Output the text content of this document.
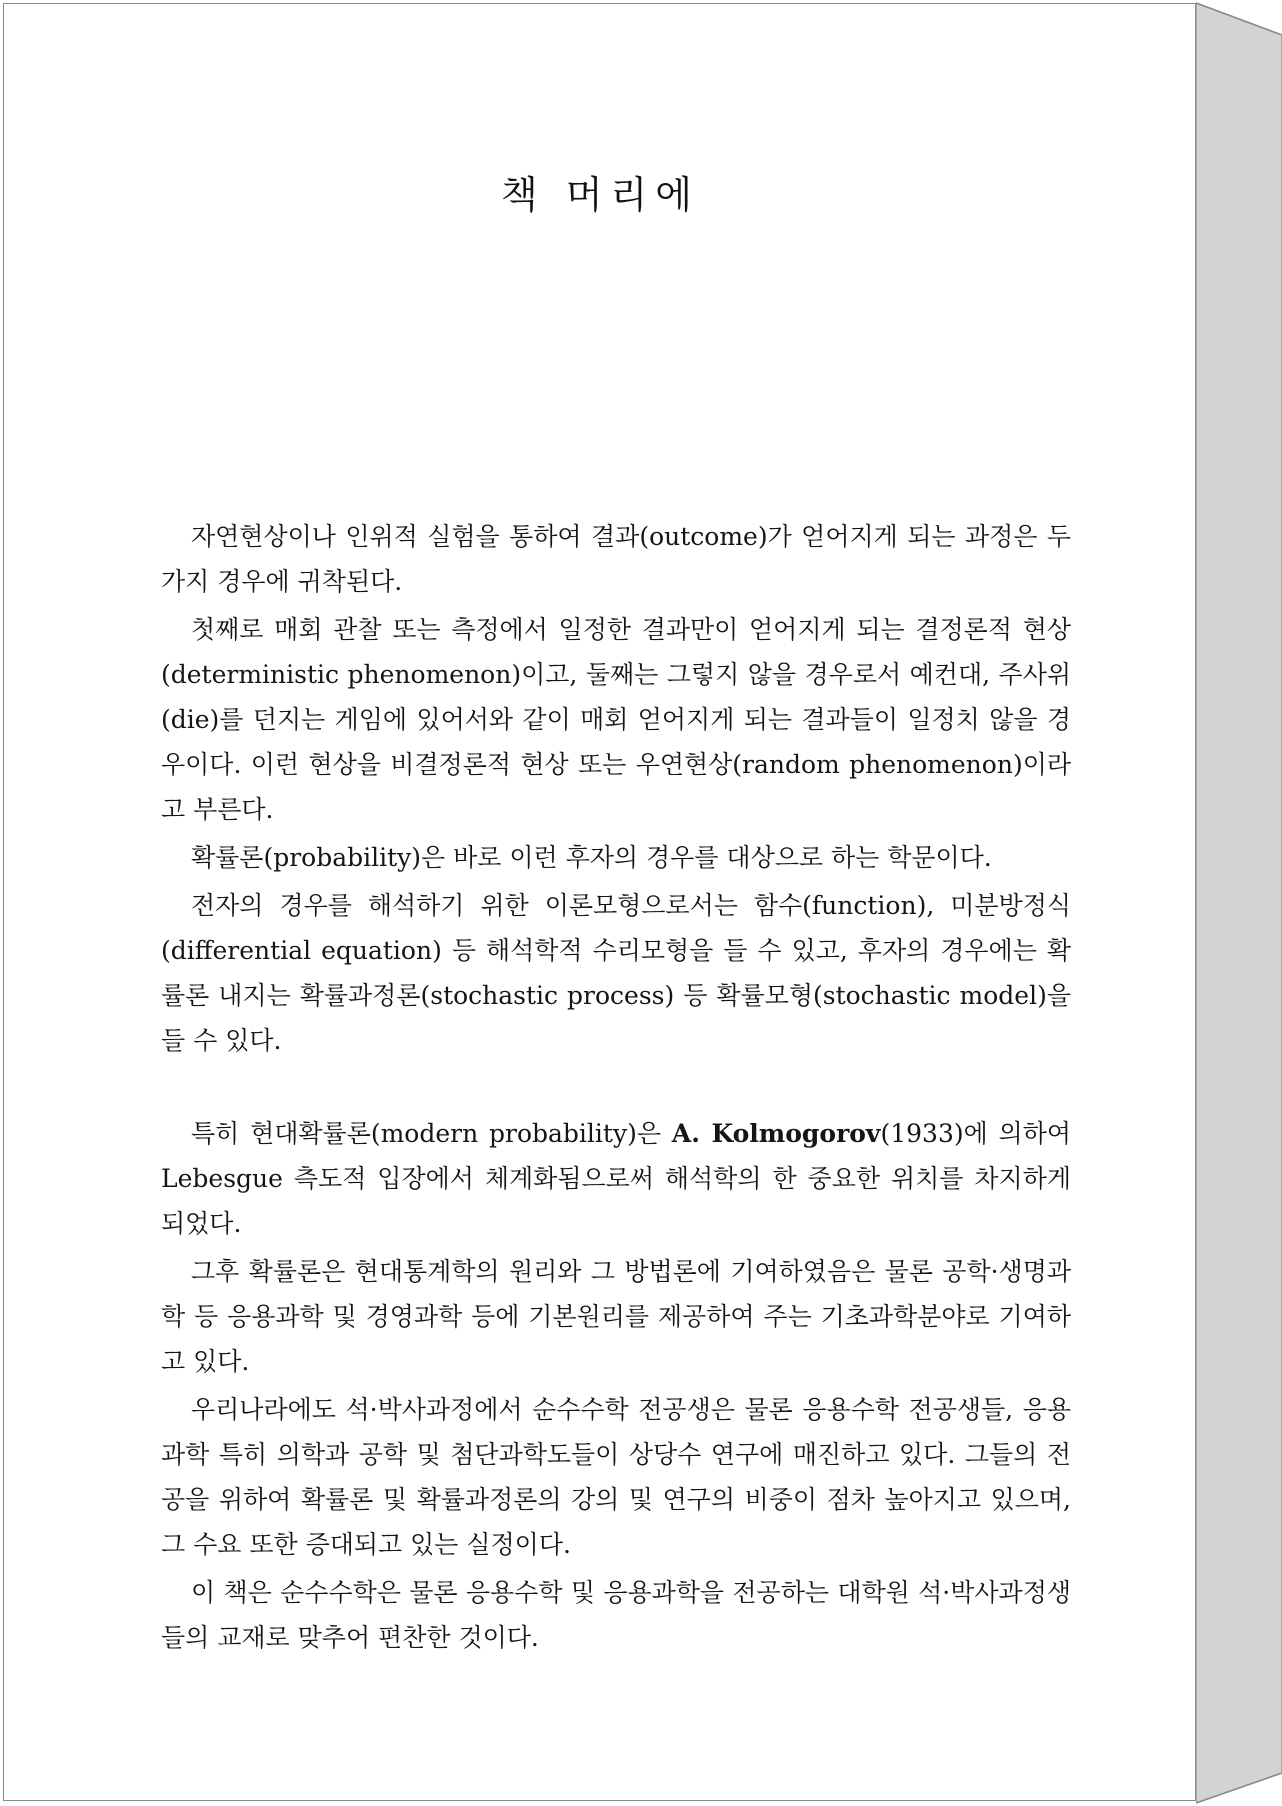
책 머리에

자연현상이나 인위적 실험을 통하여 결과(outcome)가 얻어지게 되는 과정은 두 가지 경우에 귀착된다.

첫째로 매회 관찰 또는 측정에서 일정한 결과만이 얻어지게 되는 결정론적 현상(deterministic phenomenon)이고, 둘째는 그렇지 않을 경우로서 예컨대, 주사위(die)를 던지는 게임에 있어서와 같이 매회 얻어지게 되는 결과들이 일정치 않을 경우이다. 이런 현상을 비결정론적 현상 또는 우연현상(random phenomenon)이라고 부른다.

확률론(probability)은 바로 이런 후자의 경우를 대상으로 하는 학문이다.

전자의 경우를 해석하기 위한 이론모형으로서는 함수(function), 미분방정식(differential equation) 등 해석학적 수리모형을 들 수 있고, 후자의 경우에는 확률론 내지는 확률과정론(stochastic process) 등 확률모형(stochastic model)을 들 수 있다.

특히 현대확률론(modern probability)은 A. Kolmogorov(1933)에 의하여 Lebesgue 측도적 입장에서 체계화됨으로써 해석학의 한 중요한 위치를 차지하게 되었다.

그후 확률론은 현대통계학의 원리와 그 방법론에 기여하였음은 물론 공학·생명과학 등 응용과학 및 경영과학 등에 기본원리를 제공하여 주는 기초과학분야로 기여하고 있다.

우리나라에도 석·박사과정에서 순수수학 전공생은 물론 응용수학 전공생들, 응용과학 특히 의학과 공학 및 첨단과학도들이 상당수 연구에 매진하고 있다. 그들의 전공을 위하여 확률론 및 확률과정론의 강의 및 연구의 비중이 점차 높아지고 있으며, 그 수요 또한 증대되고 있는 실정이다.

이 책은 순수수학은 물론 응용수학 및 응용과학을 전공하는 대학원 석·박사과정생들의 교재로 맞추어 편찬한 것이다.
